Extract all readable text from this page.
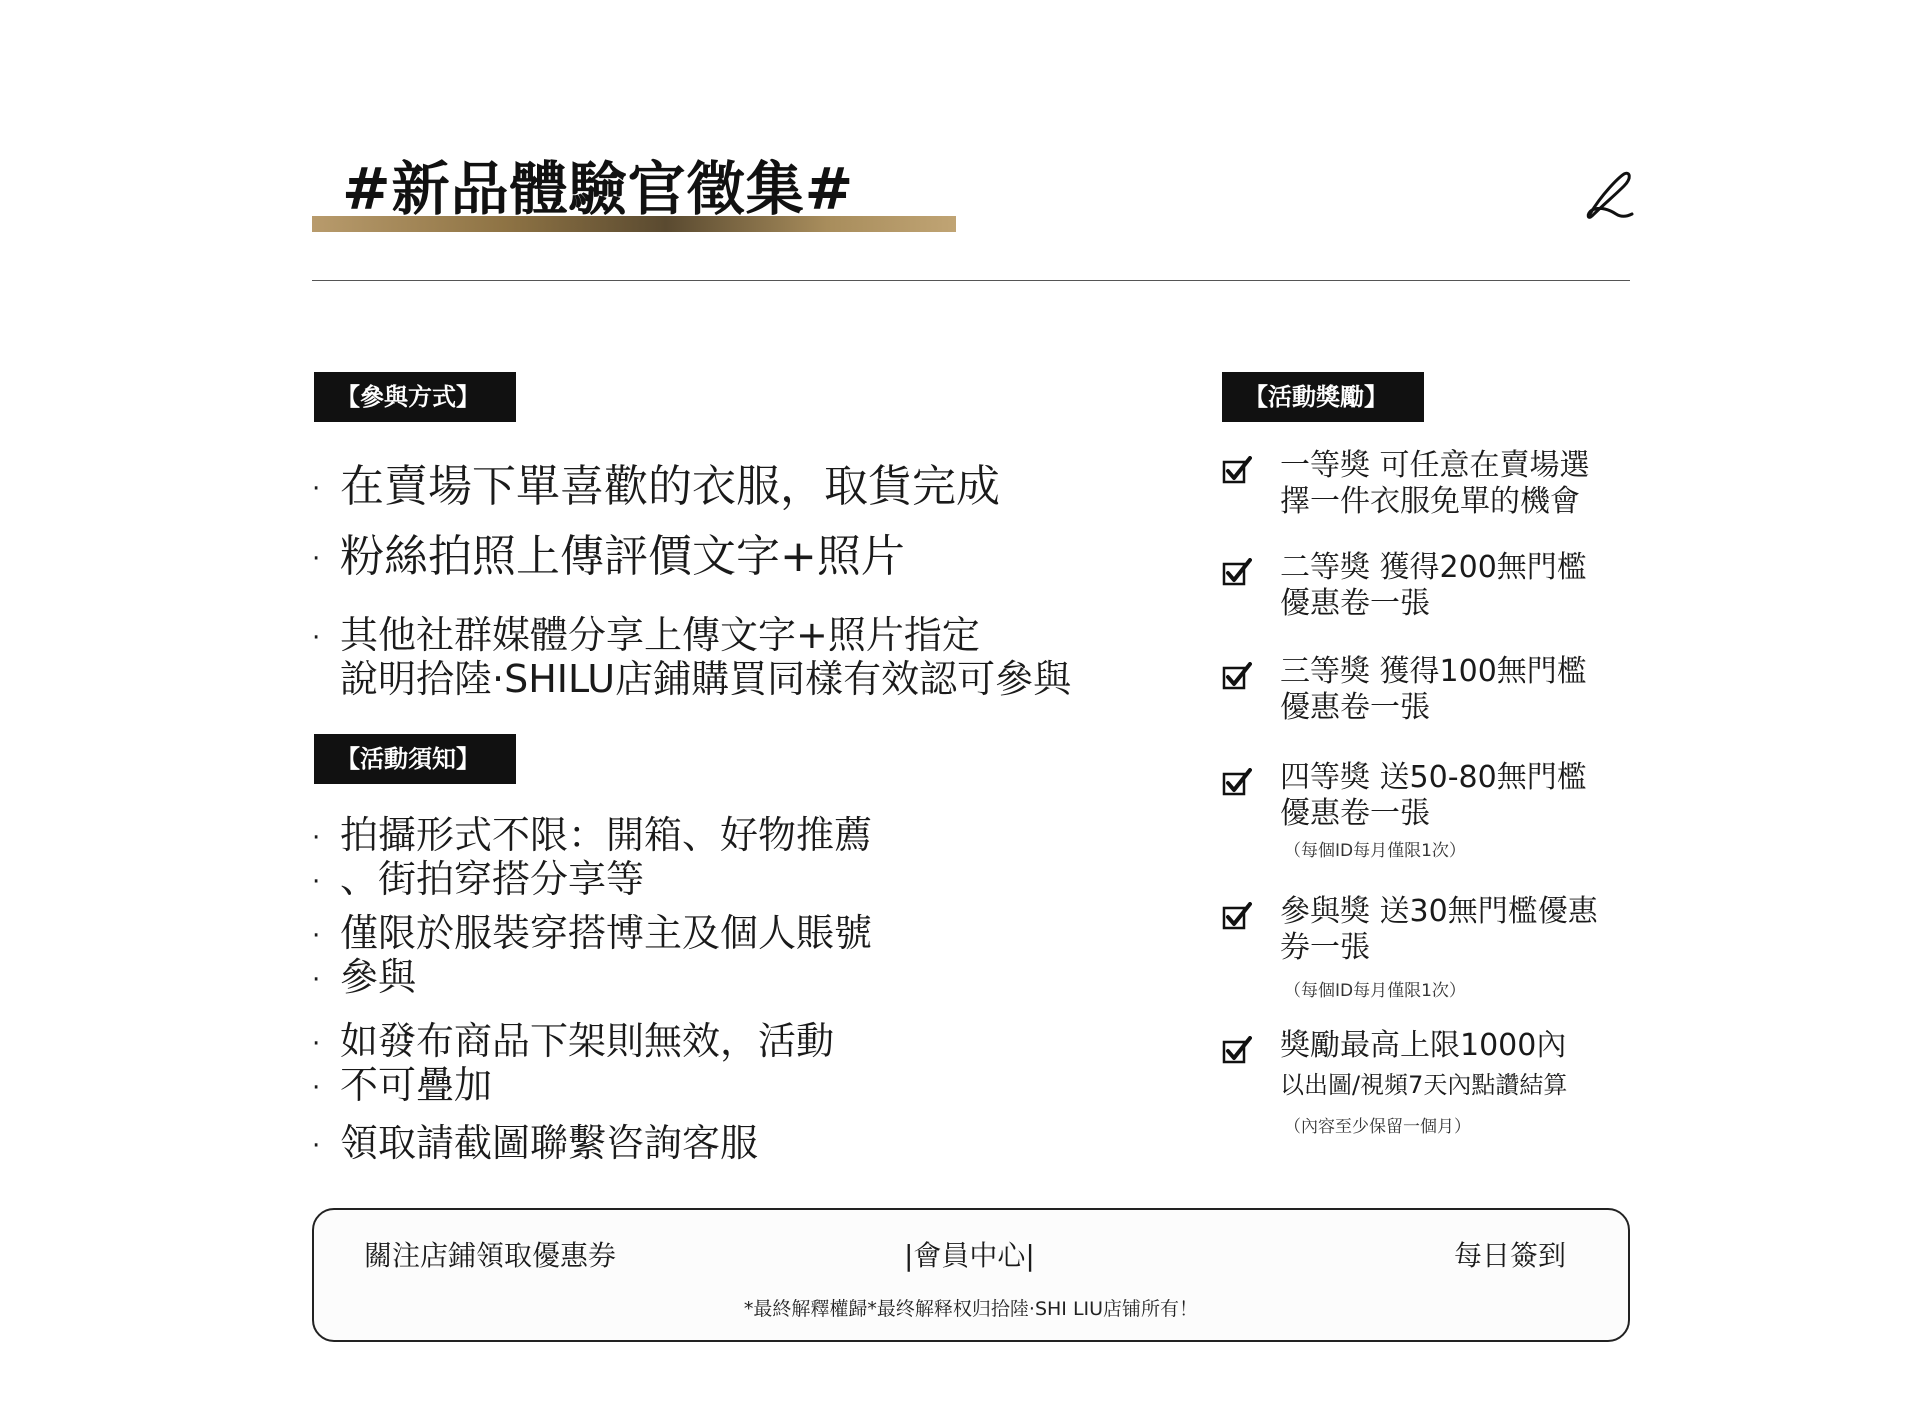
#新品體驗官徵集#
【參與方式】
· 在賣場下單喜歡的衣服，取貨完成
· 粉絲拍照上傳評價文字+照片
· 其他社群媒體分享上傳文字+照片指定
說明拾陸·SHILU店鋪購買同樣有效認可參與
【活動須知】
· 拍攝形式不限：開箱、好物推薦
· 、街拍穿搭分享等
· 僅限於服裝穿搭博主及個人賬號
· 參與
· 如發布商品下架則無效，活動
· 不可疊加
· 領取請截圖聯繫咨詢客服
【活動獎勵】
一等獎 可任意在賣場選
擇一件衣服免單的機會
二等獎 獲得200無門檻
優惠卷一張
三等獎 獲得100無門檻
優惠卷一張
四等獎 送50-80無門檻
優惠卷一張
（每個ID每月僅限1次）
參與獎 送30無門檻優惠
券一張
（每個ID每月僅限1次）
獎勵最高上限1000內
以出圖/視頻7天內點讚結算
（內容至少保留一個月）
關注店鋪領取優惠券	|會員中心|	每日簽到
*最終解釋權歸*最终解释权归拾陸·SHI LIU店铺所有！
